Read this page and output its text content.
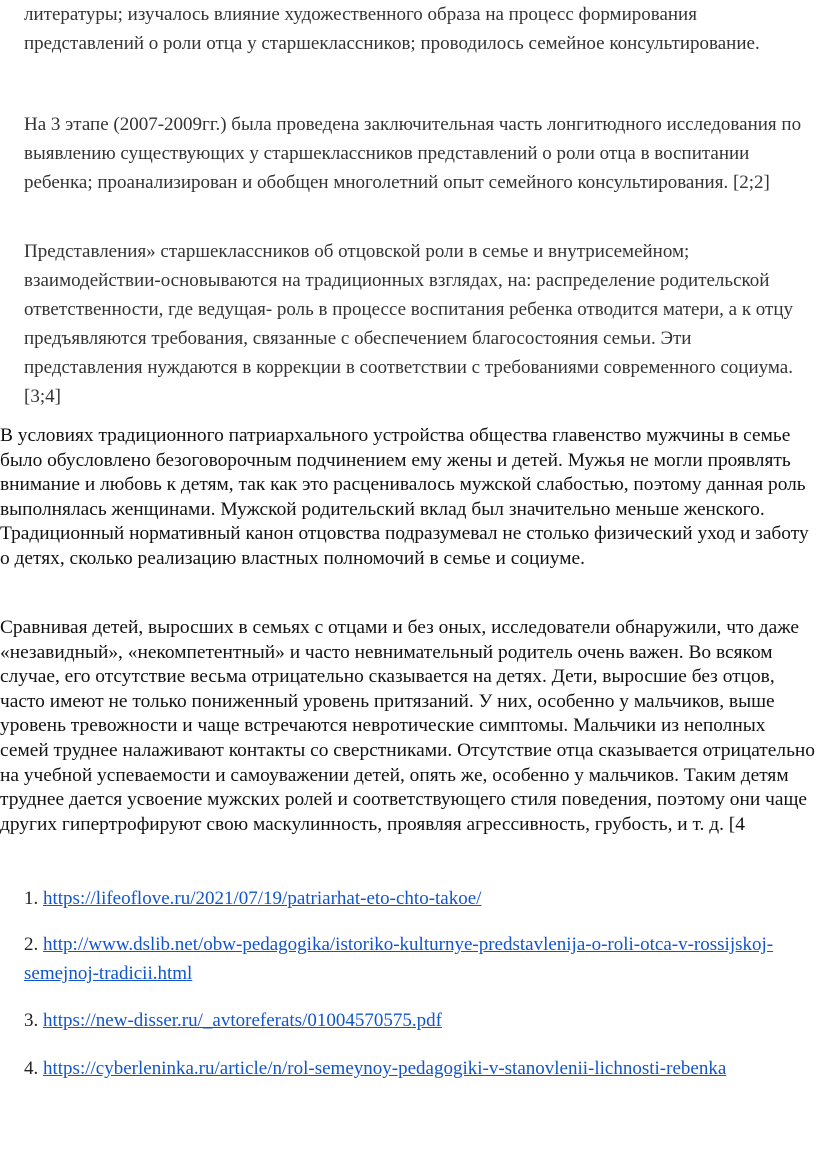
литературы; изучалось влияние художественного образа на процесс формирования представлений о роли отца у старшеклассников; проводилось семейное консультирование.

На 3 этапе (2007-2009гг.) была проведена заключительная часть лонгитюдного исследования по выявлению существующих у старшеклассников представлений о роли отца в воспитании ребенка; проанализирован и обобщен многолетний опыт семейного консультирования. [2;2]

Представления» старшеклассников об отцовской роли в семье и внутрисемейном; взаимодействии-основываются на традиционных взглядах, на: распределение родительской ответственности, где ведущая- роль в процессе воспитания ребенка отводится матери, а к отцу предъявляются требования, связанные с обеспечением благосостояния семьи. Эти представления нуждаются в коррекции в соответствии с требованиями современного социума. [3;4]

В условиях традиционного патриархального устройства общества главенство мужчины в семье было обусловлено безоговорочным подчинением ему жены и детей. Мужья не могли проявлять внимание и любовь к детям, так как это расценивалось мужской слабостью, поэтому данная роль выполнялась женщинами. Мужской родительский вклад был значительно меньше женского. Традиционный нормативный канон отцовства подразумевал не столько физический уход и заботу о детях, сколько реализацию властных полномочий в семье и социуме.

Сравнивая детей, выросших в семьях с отцами и без оных, исследователи обнаружили, что даже «незавидный», «некомпетентный» и часто невнимательный родитель очень важен. Во всяком случае, его отсутствие весьма отрицательно сказывается на детях. Дети, выросшие без отцов, часто имеют не только пониженный уровень притязаний. У них, особенно у мальчиков, выше уровень тревожности и чаще встречаются невротические симптомы. Мальчики из неполных семей труднее налаживают контакты со сверстниками. Отсутствие отца сказывается отрицательно на учебной успеваемости и самоуважении детей, опять же, особенно у мальчиков. Таким детям труднее дается усвоение мужских ролей и соответствующего стиля поведения, поэтому они чаще других гипертрофируют свою маскулинность, проявляя агрессивность, грубость, и т. д. [4

1. https://lifeoflove.ru/2021/07/19/patriarhat-eto-chto-takoe/
2. http://www.dslib.net/obw-pedagogika/istoriko-kulturnye-predstavlenija-o-roli-otca-v-rossijskoj-semejnoj-tradicii.html
3. https://new-disser.ru/_avtoreferats/01004570575.pdf
4. https://cyberleninka.ru/article/n/rol-semeynoy-pedagogiki-v-stanovlenii-lichnosti-rebenka
